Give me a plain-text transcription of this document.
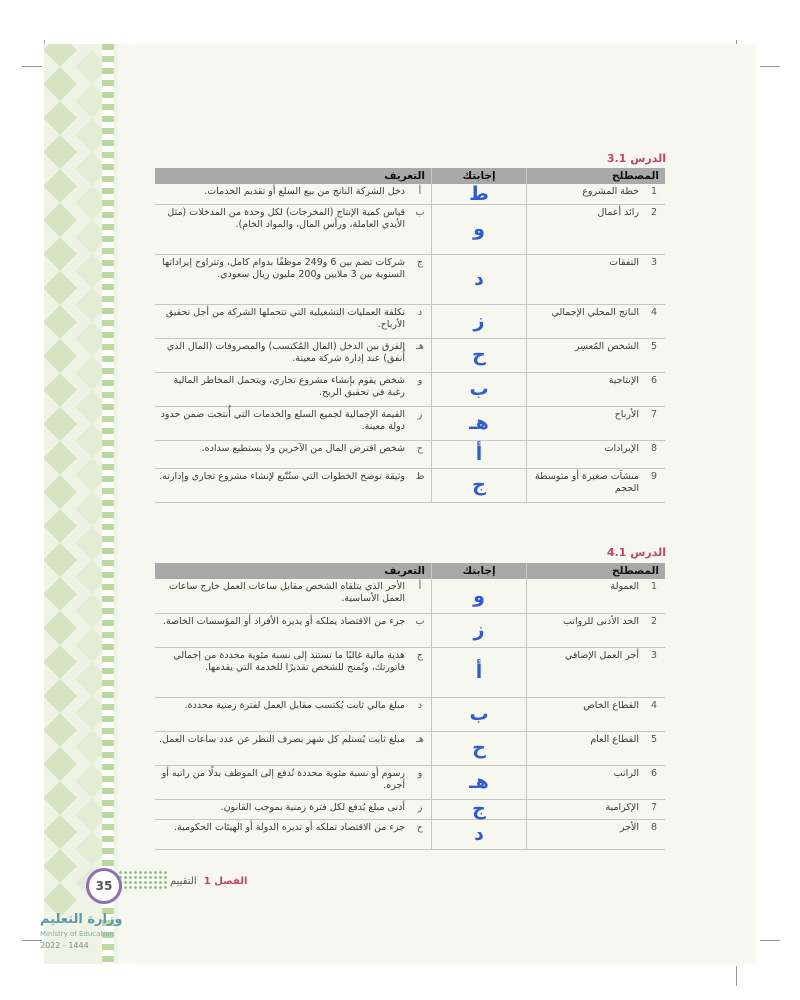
الدرس 3.1
المصطلح		إجابتك	التعريف	
1	خطة المشروع	ط	أ	دخل الشركة الناتج من بيع السلع أو تقديم الخدمات.
2	رائد أعمال	و	ب	قياس كمية الإنتاج (المخرجات) لكل وحدة من المدخلات (مثل الأيدي العاملة، ورأس المال، والمواد الخام).
3	النفقات	د	ج	شركات تضم بين 6 و249 موظفًا بدوام كامل، وتتراوح إيراداتها السنوية بين 3 ملايين و200 مليون ريال سعودي.
4	الناتج المحلي الإجمالي	ز	د	تكلفة العمليات التشغيلية التي تتحملها الشركة من أجل تحقيق الأرباح.
5	الشخص المُعسِر	ح	هـ	الفرق بين الدخل (المال المُكتسب) والمصروفات (المال الذي أُنفق) عند إدارة شركة معينة.
6	الإنتاجية	ب	و	شخص يقوم بإنشاء مشروع تجاري، ويتحمل المخاطر المالية رغبة في تحقيق الربح.
7	الأرباح	هـ	ز	القيمة الإجمالية لجميع السلع والخدمات التي أُنتجت ضمن حدود دولة معينة.
8	الإيرادات	أ	ح	شخص اقترض المال من الآخرين ولا يستطيع سداده.
9	منشآت صغيرة أو متوسطة الحجم	ج	ط	وثيقة توضح الخطوات التي ستُتّبع لإنشاء مشروع تجاري وإدارته.
الدرس 4.1
المصطلح		إجابتك	التعريف	
1	العمولة	و	أ	الأجر الذي يتلقاه الشخص مقابل ساعات العمل خارج ساعات العمل الأساسية.
2	الحد الأدنى للرواتب	ز	ب	جزء من الاقتصاد يملكه أو يديره الأفراد أو المؤسسات الخاصة.
3	أجر العمل الإضافي	أ	ج	هدية مالية غالبًا ما تستند إلى نسبة مئوية محددة من إجمالي فاتورتك، وتُمنح للشخص تقديرًا للخدمة التي يقدمها.
4	القطاع الخاص	ب	د	مبلغ مالي ثابت يُكتسب مقابل العمل لفترة زمنية محددة.
5	القطاع العام	ح	هـ	مبلغ ثابت يُستلم كل شهر بصرف النظر عن عدد ساعات العمل.
6	الراتب	هـ	و	رسوم أو نسبة مئوية محددة تُدفع إلى الموظف بدلًا من راتبه أو أجره.
7	الإكرامية	ج	ز	أدنى مبلغ يُدفع لكل فترة زمنية بموجب القانون.
8	الأجر	د	ح	جزء من الاقتصاد تملكه أو تديره الدولة أو الهيئات الحكومية.
35	الفصل 1 التقييم
وزارة التعليم
Ministry of Education
2022 - 1444
